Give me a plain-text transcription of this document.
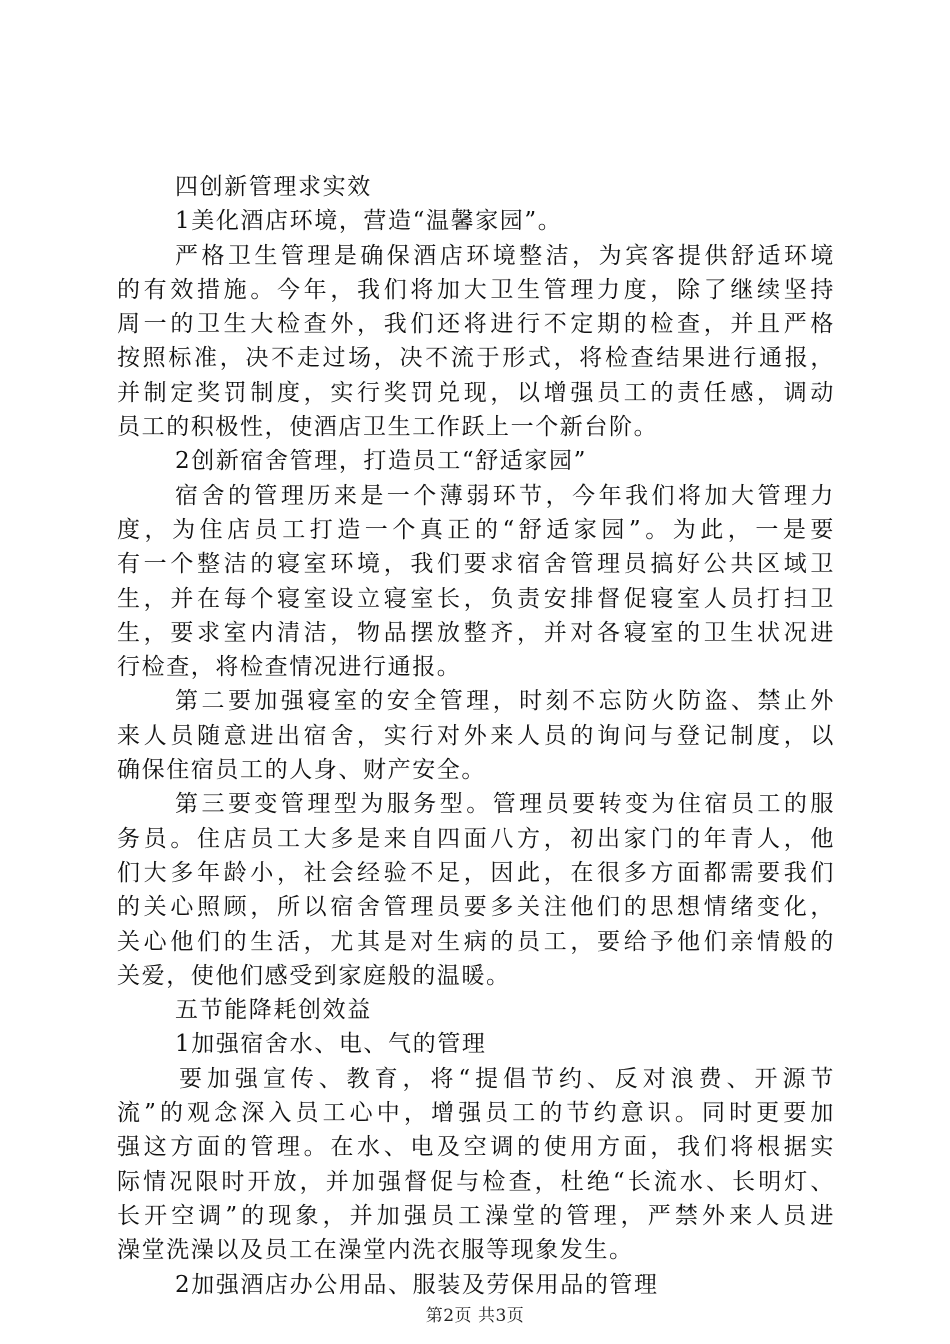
四创新管理求实效
1美化酒店环境，营造“温馨家园”。
严格卫生管理是确保酒店环境整洁，为宾客提供舒适环境
的有效措施。今年，我们将加大卫生管理力度，除了继续坚持
周一的卫生大检查外，我们还将进行不定期的检查，并且严格
按照标准，决不走过场，决不流于形式，将检查结果进行通报，
并制定奖罚制度，实行奖罚兑现，以增强员工的责任感，调动
员工的积极性，使酒店卫生工作跃上一个新台阶。
2创新宿舍管理，打造员工“舒适家园”
宿舍的管理历来是一个薄弱环节，今年我们将加大管理力
度，为住店员工打造一个真正的“舒适家园”。为此，一是要
有一个整洁的寝室环境，我们要求宿舍管理员搞好公共区域卫
生，并在每个寝室设立寝室长，负责安排督促寝室人员打扫卫
生，要求室内清洁，物品摆放整齐，并对各寝室的卫生状况进
行检查，将检查情况进行通报。
第二要加强寝室的安全管理，时刻不忘防火防盗、禁止外
来人员随意进出宿舍，实行对外来人员的询问与登记制度，以
确保住宿员工的人身、财产安全。
第三要变管理型为服务型。管理员要转变为住宿员工的服
务员。住店员工大多是来自四面八方，初出家门的年青人，他
们大多年龄小，社会经验不足，因此，在很多方面都需要我们
的关心照顾，所以宿舍管理员要多关注他们的思想情绪变化，
关心他们的生活，尤其是对生病的员工，要给予他们亲情般的
关爱，使他们感受到家庭般的温暖。
五节能降耗创效益
1加强宿舍水、电、气的管理
要加强宣传、教育，将“提倡节约、反对浪费、开源节
流”的观念深入员工心中，增强员工的节约意识。同时更要加
强这方面的管理。在水、电及空调的使用方面，我们将根据实
际情况限时开放，并加强督促与检查，杜绝“长流水、长明灯、
长开空调”的现象，并加强员工澡堂的管理，严禁外来人员进
澡堂洗澡以及员工在澡堂内洗衣服等现象发生。
2加强酒店办公用品、服装及劳保用品的管理
第2页 共3页
